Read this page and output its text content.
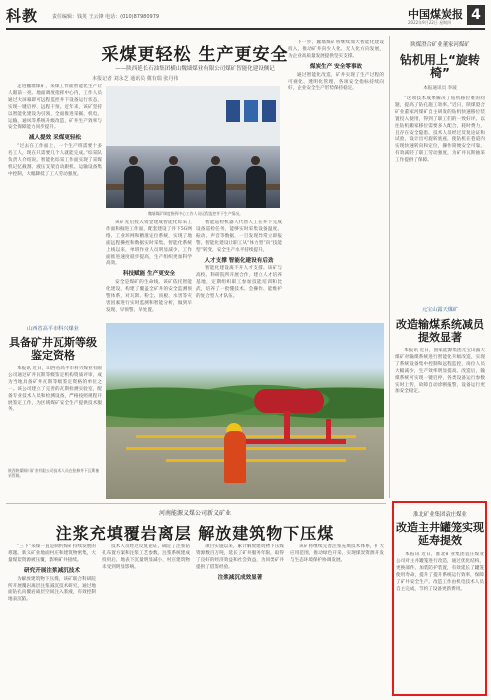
科教	责任编辑：钱英 王云锋 电话：(010)87980979	中国煤炭报
2022年9月22日 星期四 4
采煤更轻松 生产更安全
——陕西延长石油集团横山魏墙煤业有限公司煤矿智能化建设侧记
本报记者 刘永芝 通讯员 冀有瑞 张丹伟
走进魏墙煤矿，采煤工作面智能化生产让人眼前一亮。地面调度指挥中心内，工作人员通过大屏幕即可远程监控井下设备运行状态，实现一键启停、远程干预。近年来，该矿坚持以智能化建设为引领，全面推进采掘、机电、运输、通风等系统升级改造，矿井生产效率与安全保障能力同步提升。
减人提效 采煤更轻松
“过去在工作面上，一个生产班需要十多名工人，现在只需要几个人就能完成。”综采队负责人介绍说。智能化综采工作面实现了采煤机记忆截割、液压支架自动跟机、运输设备集中控制，大幅降低了工人劳动强度。
魏墙煤矿调度指挥中心工作人员远程监控井下生产情况。
该矿先后投入资金建成智能化综采工作面和掘进工作面，配套建设了井下5G网络、工业环网和精准定位系统，实现了地面远程操控和数据实时采集。智能化系统上线以来，单班作业人员明显减少，工作面推进速度稳步提高，生产组织更加科学高效。
科技赋能 生产更安全
安全是煤矿的生命线。该矿依托智能化建设，构建了覆盖全矿井的安全监测预警体系，对瓦斯、粉尘、顶板、水害等灾害因素进行实时监测和智能分析，做到早发现、早预警、早处置。
智能巡检机器人代替人工在井下完成设备巡检任务，能够实时采集设备温度、振动、声音等数据，一旦发现异常立即报警。智能化建设让职工从“体力型”向“技能型”转变，安全生产水平持续提升。
人才支撑 智能化建设有后劲
智能化建设离不开人才支撑。该矿与高校、科研院所开展合作，建立人才培养基地，定期组织职工参加技能培训和比武，培养了一批懂技术、会操作、能维护的复合型人才队伍。
下一步，魏墙煤矿将继续加大智能化建设投入，推动矿井向少人化、无人化方向发展，为企业高质量发展提供坚实支撑。
煤炭生产 安全零事故
通过智能化改造，矿井实现了生产过程的可视化、透明化管理，各项安全指标持续向好，企业安全生产形势保持稳定。
陕煤澄合矿业董家河煤矿
钻机用上“旋转椅”
本报通讯员 李波
“这项技术成果解决了钻机移位难的问题，提高了钻孔施工效率。”近日，陕煤澄合矿业董家河煤矿自主研发的钻机快速移位装置投入使用，得到了职工们的一致好评。以往钻机搬家移位需要多人配合，耗时费力，且存在安全隐患。技术人员经过反复论证和试验，设计出可旋转底座，使钻机在巷道内实现快速转向和定位，操作简便安全可靠，有效减轻了职工劳动强度，为矿井瓦斯抽采工作提供了保障。
元宝山露天煤矿
改造输煤系统减员提效显著
本报讯 近日，国家能源集团元宝山露天煤矿对输煤系统进行智能化升级改造，实现了系统设备集中控制和远程监控，岗位人员大幅减少，生产效率明显提高。改造后，输煤系统可实现一键启停，各类设备运行参数实时上传，故障自动诊断报警，设备运行更加安全稳定。
淮北矿业集团袁庄煤业
改造主井罐笼实现延寿提效
本报讯 近日，淮北矿业集团袁庄煤业公司对主井罐笼进行改造，通过优化结构、更换部件、加装防护装置，有效延长了罐笼使用寿命，提升了提升系统运行效率，保障了矿井安全生产。改造工作由机电技术人员自主完成，节约了设备更新费用。
山西省高平市科兴煤业
具备矿井瓦斯等级鉴定资格
本报讯 近日，山西省高平市科兴煤业有限公司通过矿井瓦斯等级鉴定机构资质评审，成为当地具备矿井瓦斯等级鉴定资格的单位之一。该公司建立了完善的瓦斯检测实验室，配备专业技术人员和检测设备，严格按照规程开展鉴定工作，为区域煤矿安全生产提供技术服务。
陕西陕煤铜川矿业有限公司技术人员在检修井下瓦斯抽采管路。
河南能源义煤公司新义矿业
注浆充填覆岩离层 解放建筑物下压煤
“三下”采煤一直是制约煤矿持续发展的难题。新义矿业地面村庄和建筑物密集，大量煤炭资源被压覆，影响矿井接续。
研究开展注浆减沉技术
为解放建筑物下压煤，该矿联合科研院所开展覆岩离层注浆减沉技术研究，通过地面钻孔向覆岩离层空间注入浆液，有效控制地表沉陷。
技术人员经过反复论证，确定了注浆钻孔布置方案和注浆工艺参数。注浆系统建成投用后，地表下沉量明显减小，村庄建筑物未受到明显影响。
项目实施以来，累计解放建筑物下压煤资源数百万吨，延长了矿井服务年限，取得了良好的经济效益和社会效益，为同类矿井提供了借鉴经验。
注浆减沉成效显著
该矿将继续完善注浆充填技术体系，扩大应用范围，推动绿色开采，实现煤炭资源开发与生态环境保护协调发展。
